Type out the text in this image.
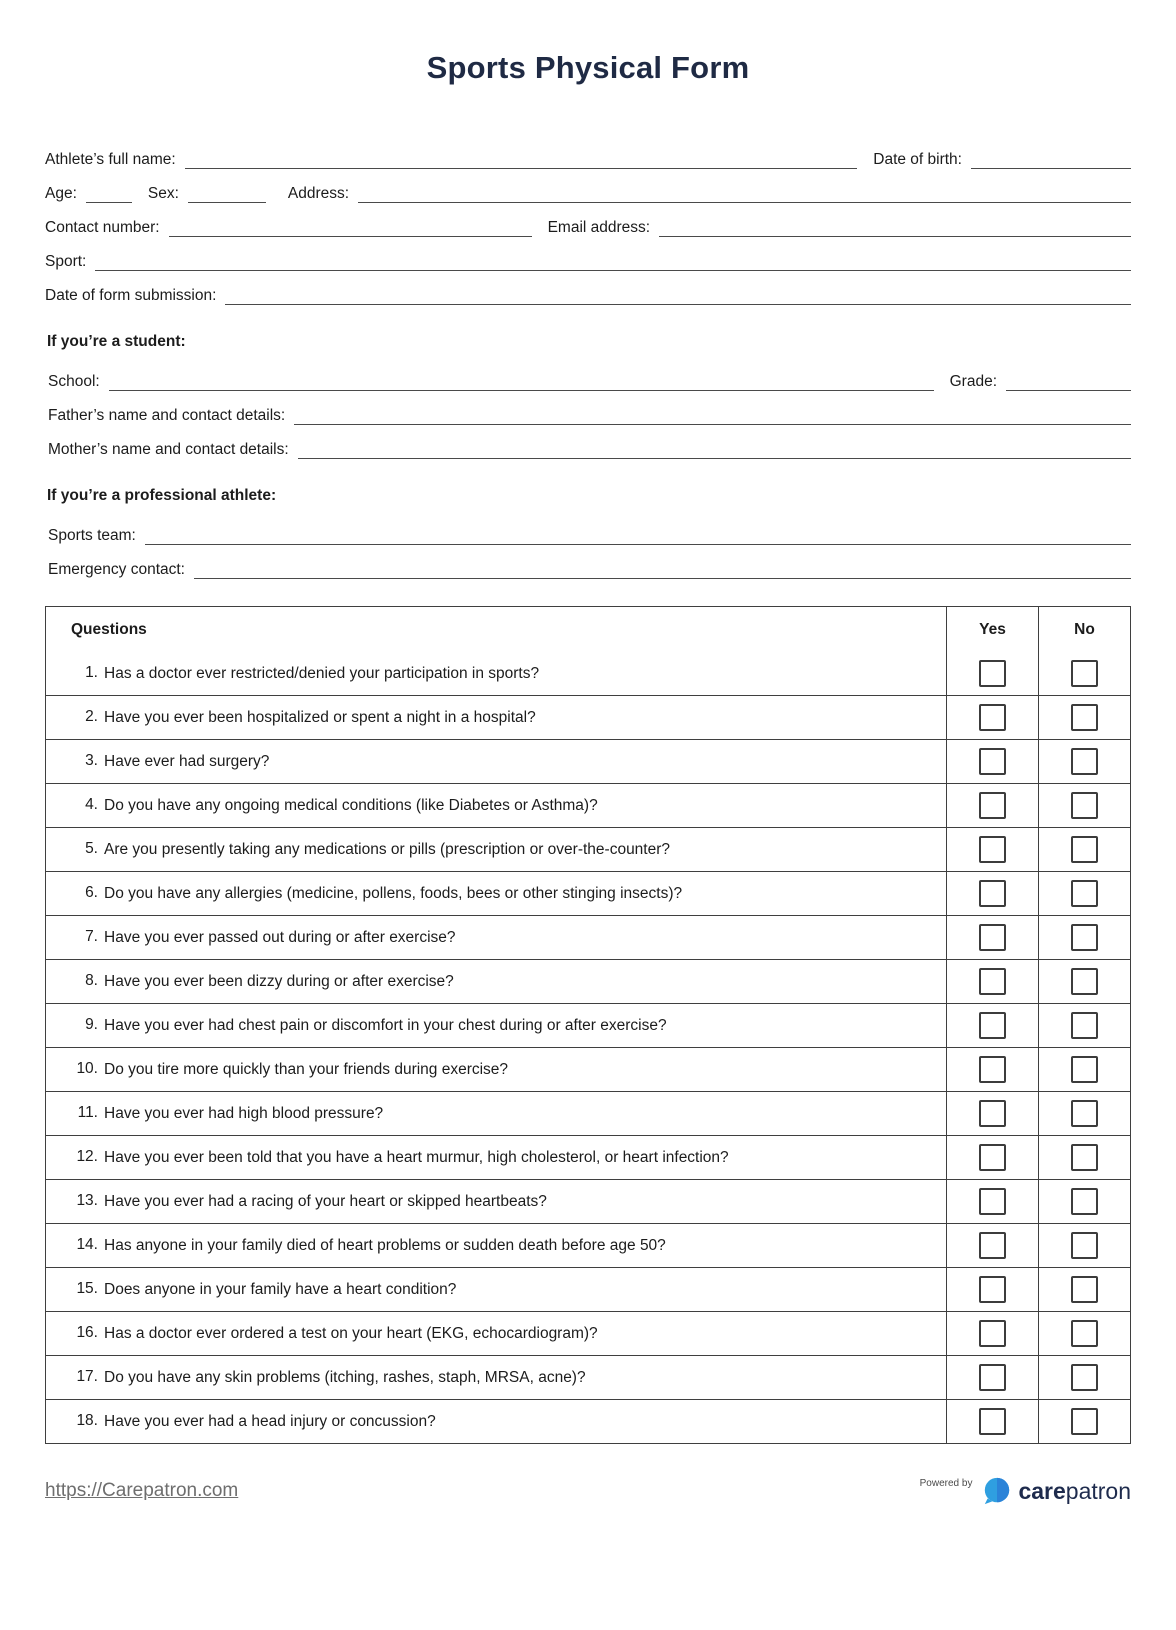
Sports Physical Form
Athlete’s full name:	Date of birth:
Age:	Sex:	Address:
Contact number:	Email address:
Sport:
Date of form submission:
If you’re a student:
School:	Grade:
Father’s name and contact details:
Mother’s name and contact details:
If you’re a professional athlete:
Sports team:
Emergency contact:
Questions	Yes	No
1. Has a doctor ever restricted/denied your participation in sports?
2. Have you ever been hospitalized or spent a night in a hospital?
3. Have ever had surgery?
4. Do you have any ongoing medical conditions (like Diabetes or Asthma)?
5. Are you presently taking any medications or pills (prescription or over-the-counter?
6. Do you have any allergies (medicine, pollens, foods, bees or other stinging insects)?
7. Have you ever passed out during or after exercise?
8. Have you ever been dizzy during or after exercise?
9. Have you ever had chest pain or discomfort in your chest during or after exercise?
10. Do you tire more quickly than your friends during exercise?
11. Have you ever had high blood pressure?
12. Have you ever been told that you have a heart murmur, high cholesterol, or heart infection?
13. Have you ever had a racing of your heart or skipped heartbeats?
14. Has anyone in your family died of heart problems or sudden death before age 50?
15. Does anyone in your family have a heart condition?
16. Has a doctor ever ordered a test on your heart (EKG, echocardiogram)?
17. Do you have any skin problems (itching, rashes, staph, MRSA, acne)?
18. Have you ever had a head injury or concussion?
https://Carepatron.com	Powered by carepatron
